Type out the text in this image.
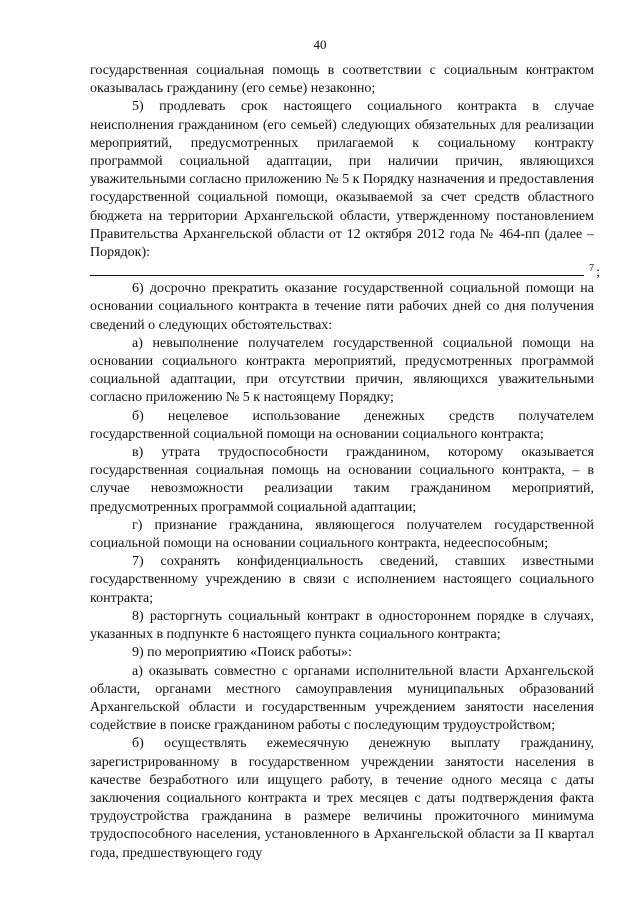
40

государственная социальная помощь в соответствии с социальным контрактом оказывалась гражданину (его семье) незаконно;

5) продлевать срок настоящего социального контракта в случае неисполнения гражданином (его семьей) следующих обязательных для реализации мероприятий, предусмотренных прилагаемой к социальному контракту программой социальной адаптации, при наличии причин, являющихся уважительными согласно приложению № 5 к Порядку назначения и предоставления государственной социальной помощи, оказываемой за счет средств областного бюджета на территории Архангельской области, утвержденному постановлением Правительства Архангельской области от 12 октября 2012 года № 464-пп (далее – Порядок):

7 ;

6) досрочно прекратить оказание государственной социальной помощи на основании социального контракта в течение пяти рабочих дней со дня получения сведений о следующих обстоятельствах:

а) невыполнение получателем государственной социальной помощи на основании социального контракта мероприятий, предусмотренных программой социальной адаптации, при отсутствии причин, являющихся уважительными согласно приложению № 5 к настоящему Порядку;

б) нецелевое использование денежных средств получателем государственной социальной помощи на основании социального контракта;

в) утрата трудоспособности гражданином, которому оказывается государственная социальная помощь на основании социального контракта, – в случае невозможности реализации таким гражданином мероприятий, предусмотренных программой социальной адаптации;

г) признание гражданина, являющегося получателем государственной социальной помощи на основании социального контракта, недееспособным;

7) сохранять конфиденциальность сведений, ставших известными государственному учреждению в связи с исполнением настоящего социального контракта;

8) расторгнуть социальный контракт в одностороннем порядке в случаях, указанных в подпункте 6 настоящего пункта социального контракта;

9) по мероприятию «Поиск работы»:

а) оказывать совместно с органами исполнительной власти Архангельской области, органами местного самоуправления муниципальных образований Архангельской области и государственным учреждением занятости населения содействие в поиске гражданином работы с последующим трудоустройством;

б) осуществлять ежемесячную денежную выплату гражданину, зарегистрированному в государственном учреждении занятости населения в качестве безработного или ищущего работу, в течение одного месяца с даты заключения социального контракта и трех месяцев с даты подтверждения факта трудоустройства гражданина в размере величины прожиточного минимума трудоспособного населения, установленного в Архангельской области за II квартал года, предшествующего году
